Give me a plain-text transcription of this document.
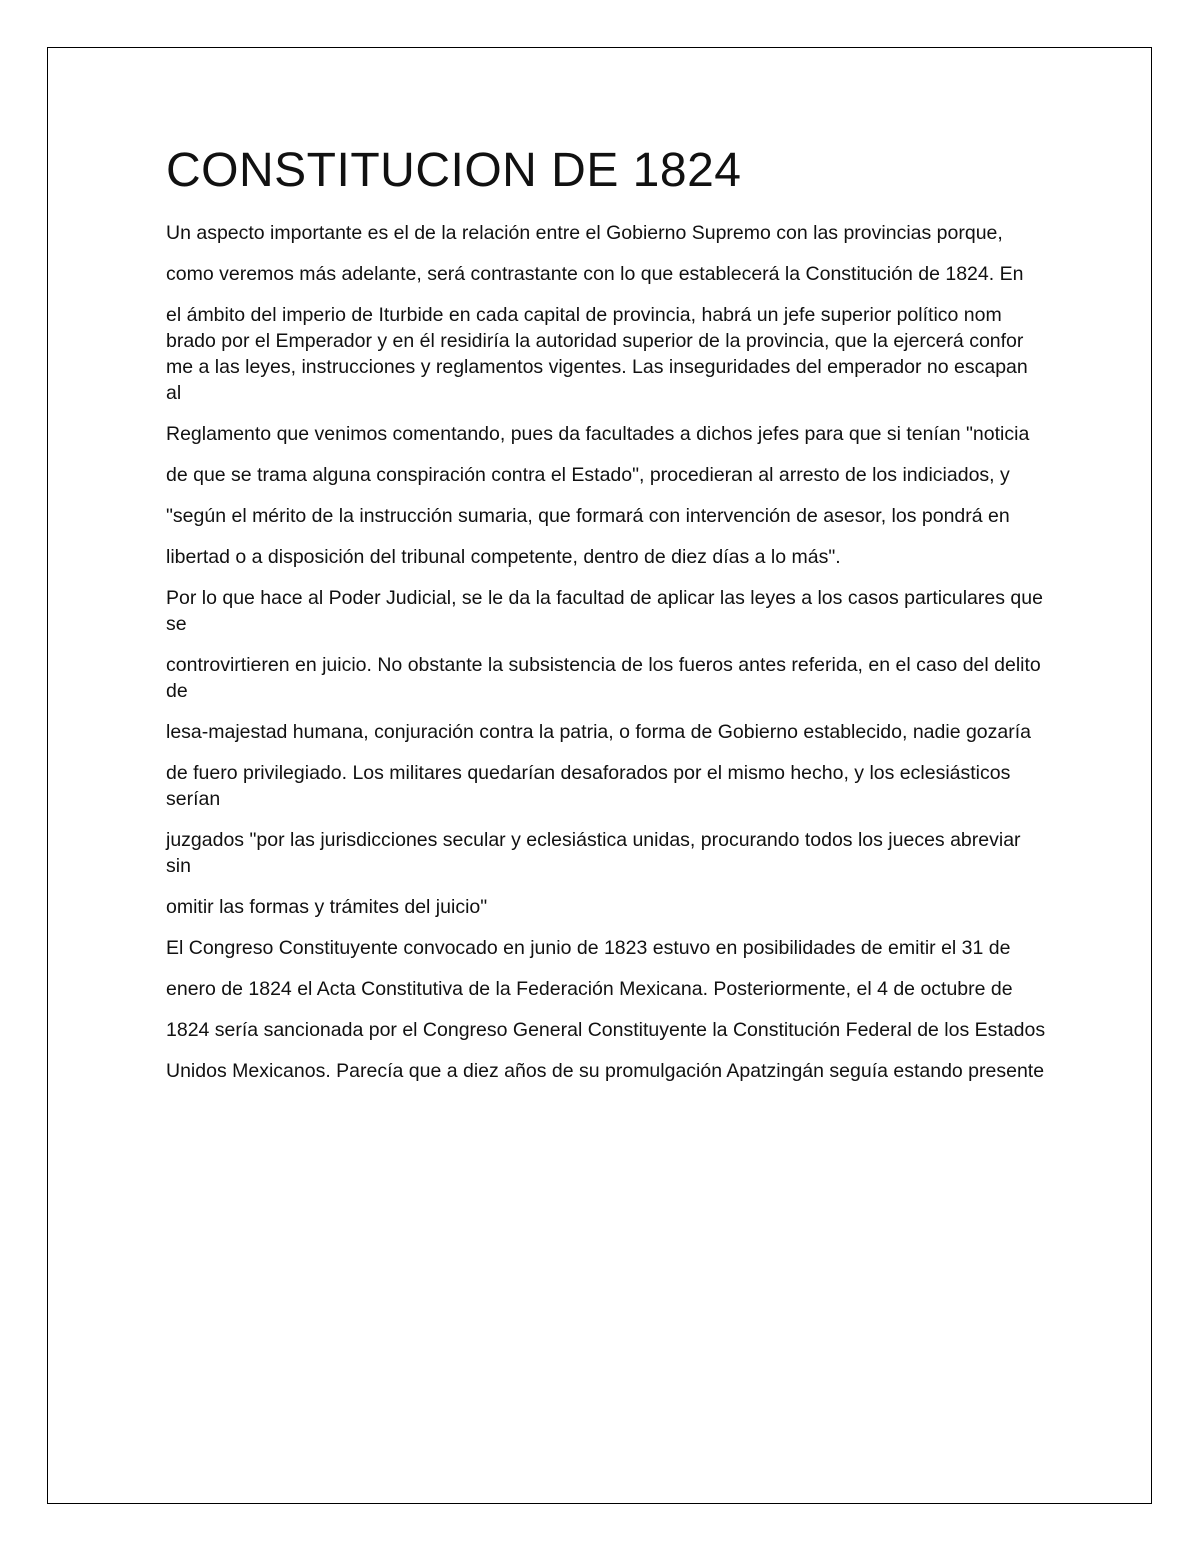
CONSTITUCION DE 1824

Un aspecto importante es el de la relación entre el Gobierno Supremo con las provincias porque,

como veremos más adelante, será contrastante con lo que establecerá la Constitución de 1824. En

el ámbito del imperio de Iturbide en cada capital de provincia, habrá un jefe superior político nom brado por el Emperador y en él residiría la autoridad superior de la provincia, que la ejercerá confor me a las leyes, instrucciones y reglamentos vigentes. Las inseguridades del emperador no escapan al

Reglamento que venimos comentando, pues da facultades a dichos jefes para que si tenían "noticia

de que se trama alguna conspiración contra el Estado", procedieran al arresto de los indiciados, y

"según el mérito de la instrucción sumaria, que formará con intervención de asesor, los pondrá en

libertad o a disposición del tribunal competente, dentro de diez días a lo más".

Por lo que hace al Poder Judicial, se le da la facultad de aplicar las leyes a los casos particulares que se

controvirtieren en juicio. No obstante la subsistencia de los fueros antes referida, en el caso del delito de

lesa-majestad humana, conjuración contra la patria, o forma de Gobierno establecido, nadie gozaría

de fuero privilegiado. Los militares quedarían desaforados por el mismo hecho, y los eclesiásticos serían

juzgados "por las jurisdicciones secular y eclesiástica unidas, procurando todos los jueces abreviar sin

omitir las formas y trámites del juicio"

El Congreso Constituyente convocado en junio de 1823 estuvo en posibilidades de emitir el 31 de

enero de 1824 el Acta Constitutiva de la Federación Mexicana. Posteriormente, el 4 de octubre de

1824 sería sancionada por el Congreso General Constituyente la Constitución Federal de los Estados

Unidos Mexicanos. Parecía que a diez años de su promulgación Apatzingán seguía estando presente
